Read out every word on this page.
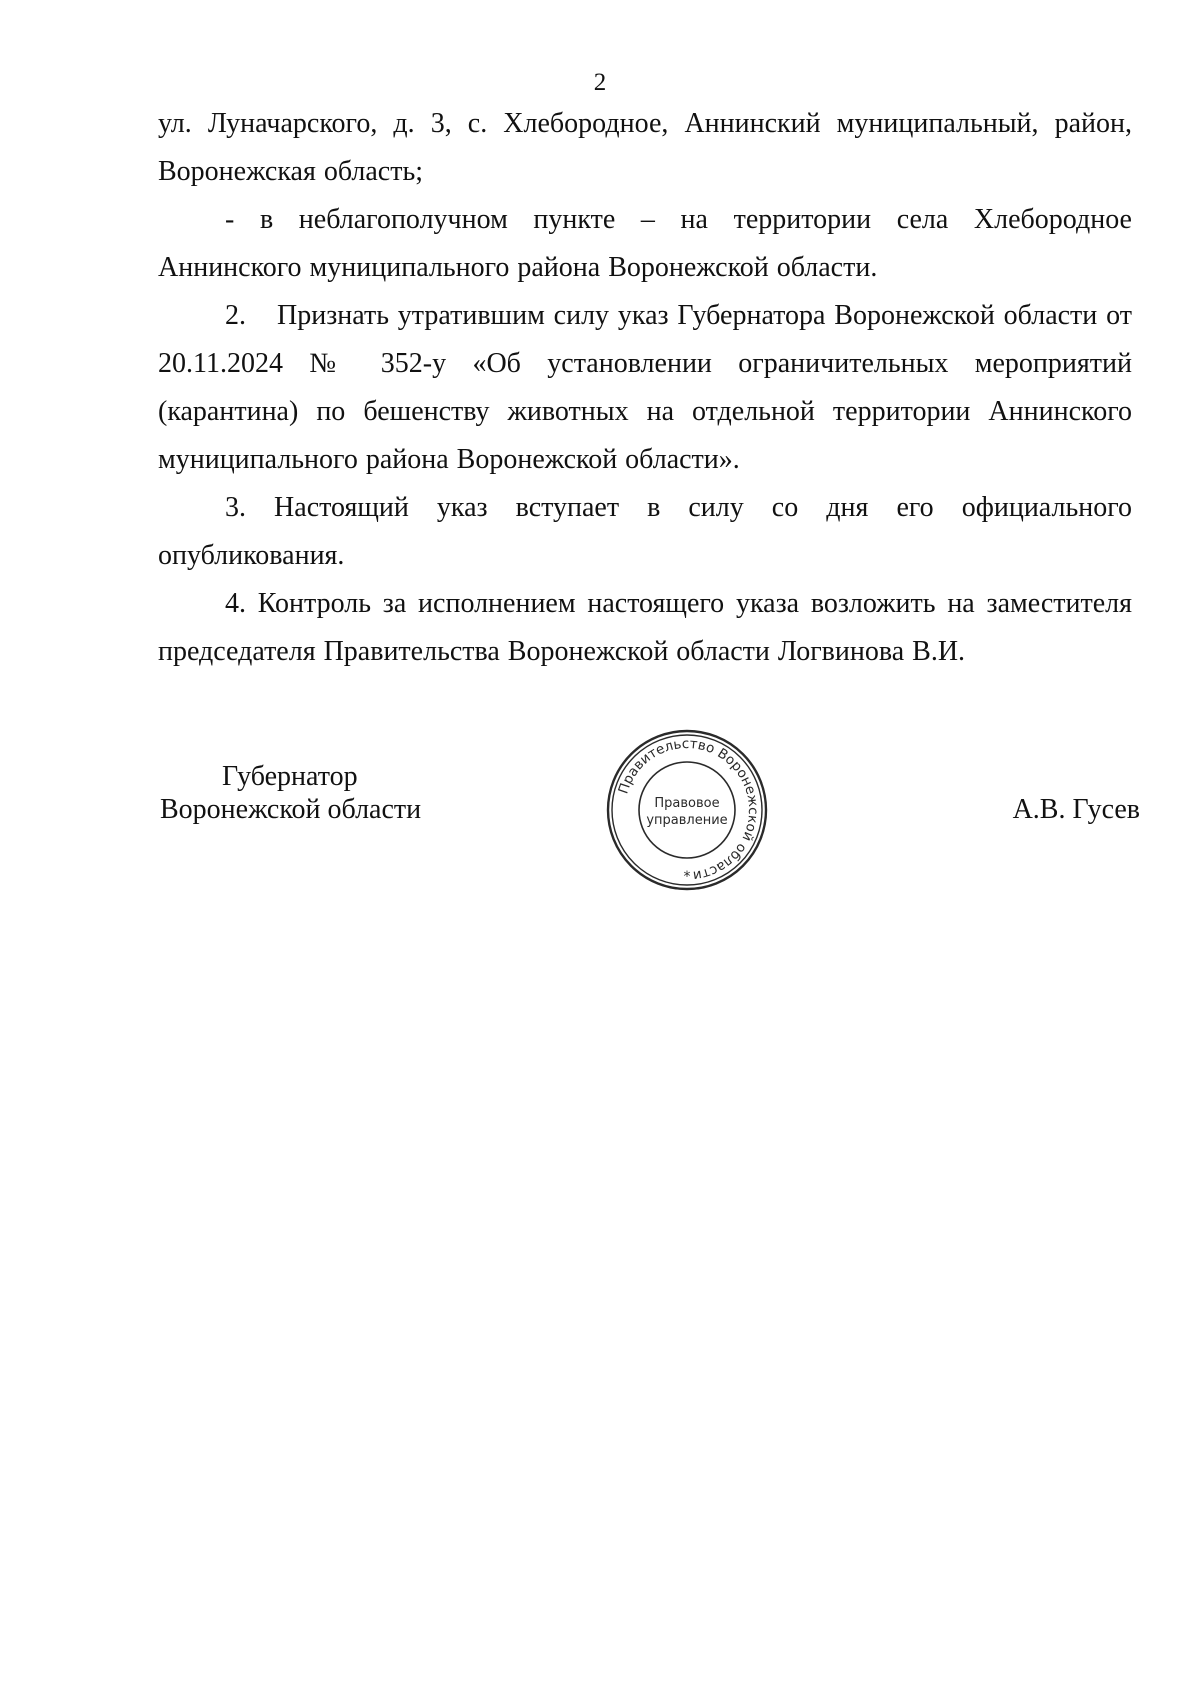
2

ул. Луначарского, д. 3, с. Хлебородное, Аннинский муниципальный, район, Воронежская область;

- в неблагополучном пункте – на территории села Хлебородное Аннинского муниципального района Воронежской области.

2. Признать утратившим силу указ Губернатора Воронежской области от 20.11.2024 № 352-у «Об установлении ограничительных мероприятий (карантина) по бешенству животных на отдельной территории Аннинского муниципального района Воронежской области».

3. Настоящий указ вступает в силу со дня его официального опубликования.

4. Контроль за исполнением настоящего указа возложить на заместителя председателя Правительства Воронежской области Логвинова В.И.

Губернатор
Воронежской области	А.В. Гусев
Правительство Воронежской области
Правовое
управление
*
